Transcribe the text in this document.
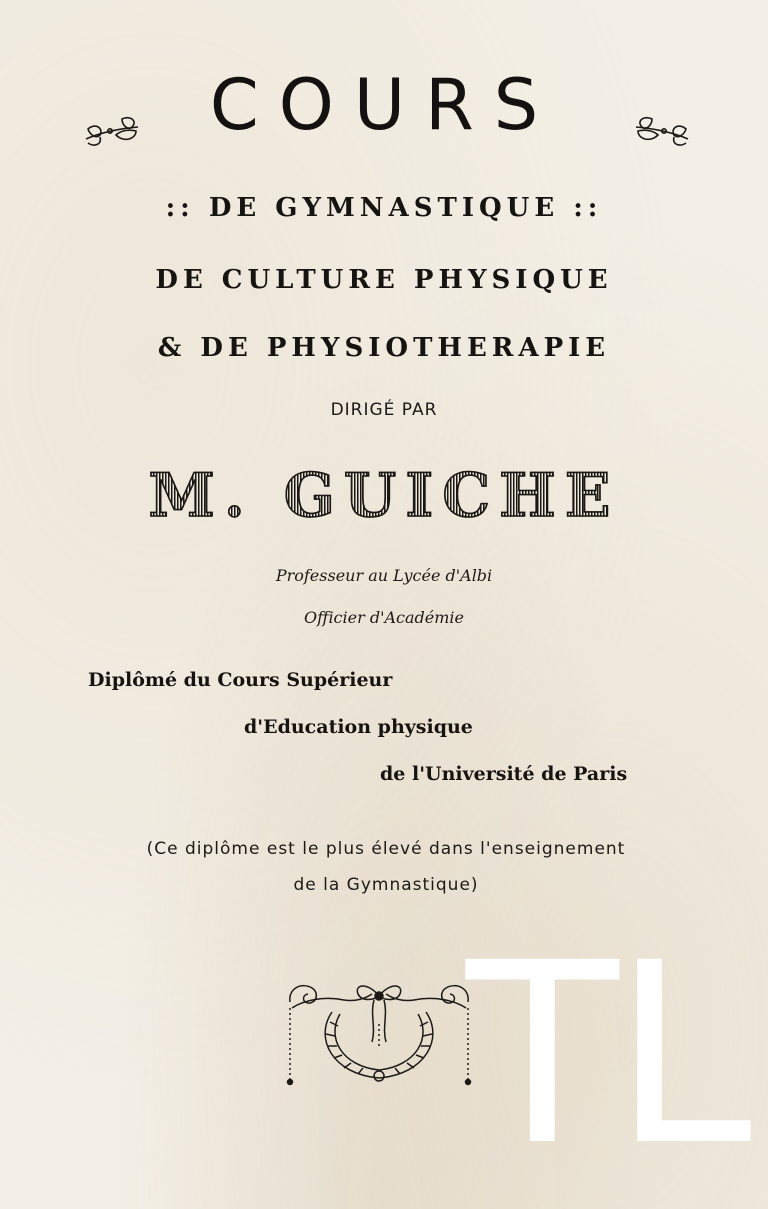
COURS
:: DE GYMNASTIQUE ::
DE CULTURE PHYSIQUE
& DE PHYSIOTHERAPIE
DIRIGÉ PAR
M. GUICHE
Professeur au Lycée d'Albi
Officier d'Académie
Diplômé du Cours Supérieur
d'Education physique
de l'Université de Paris
(Ce diplôme est le plus élevé dans l'enseignement
de la Gymnastique)
TL
